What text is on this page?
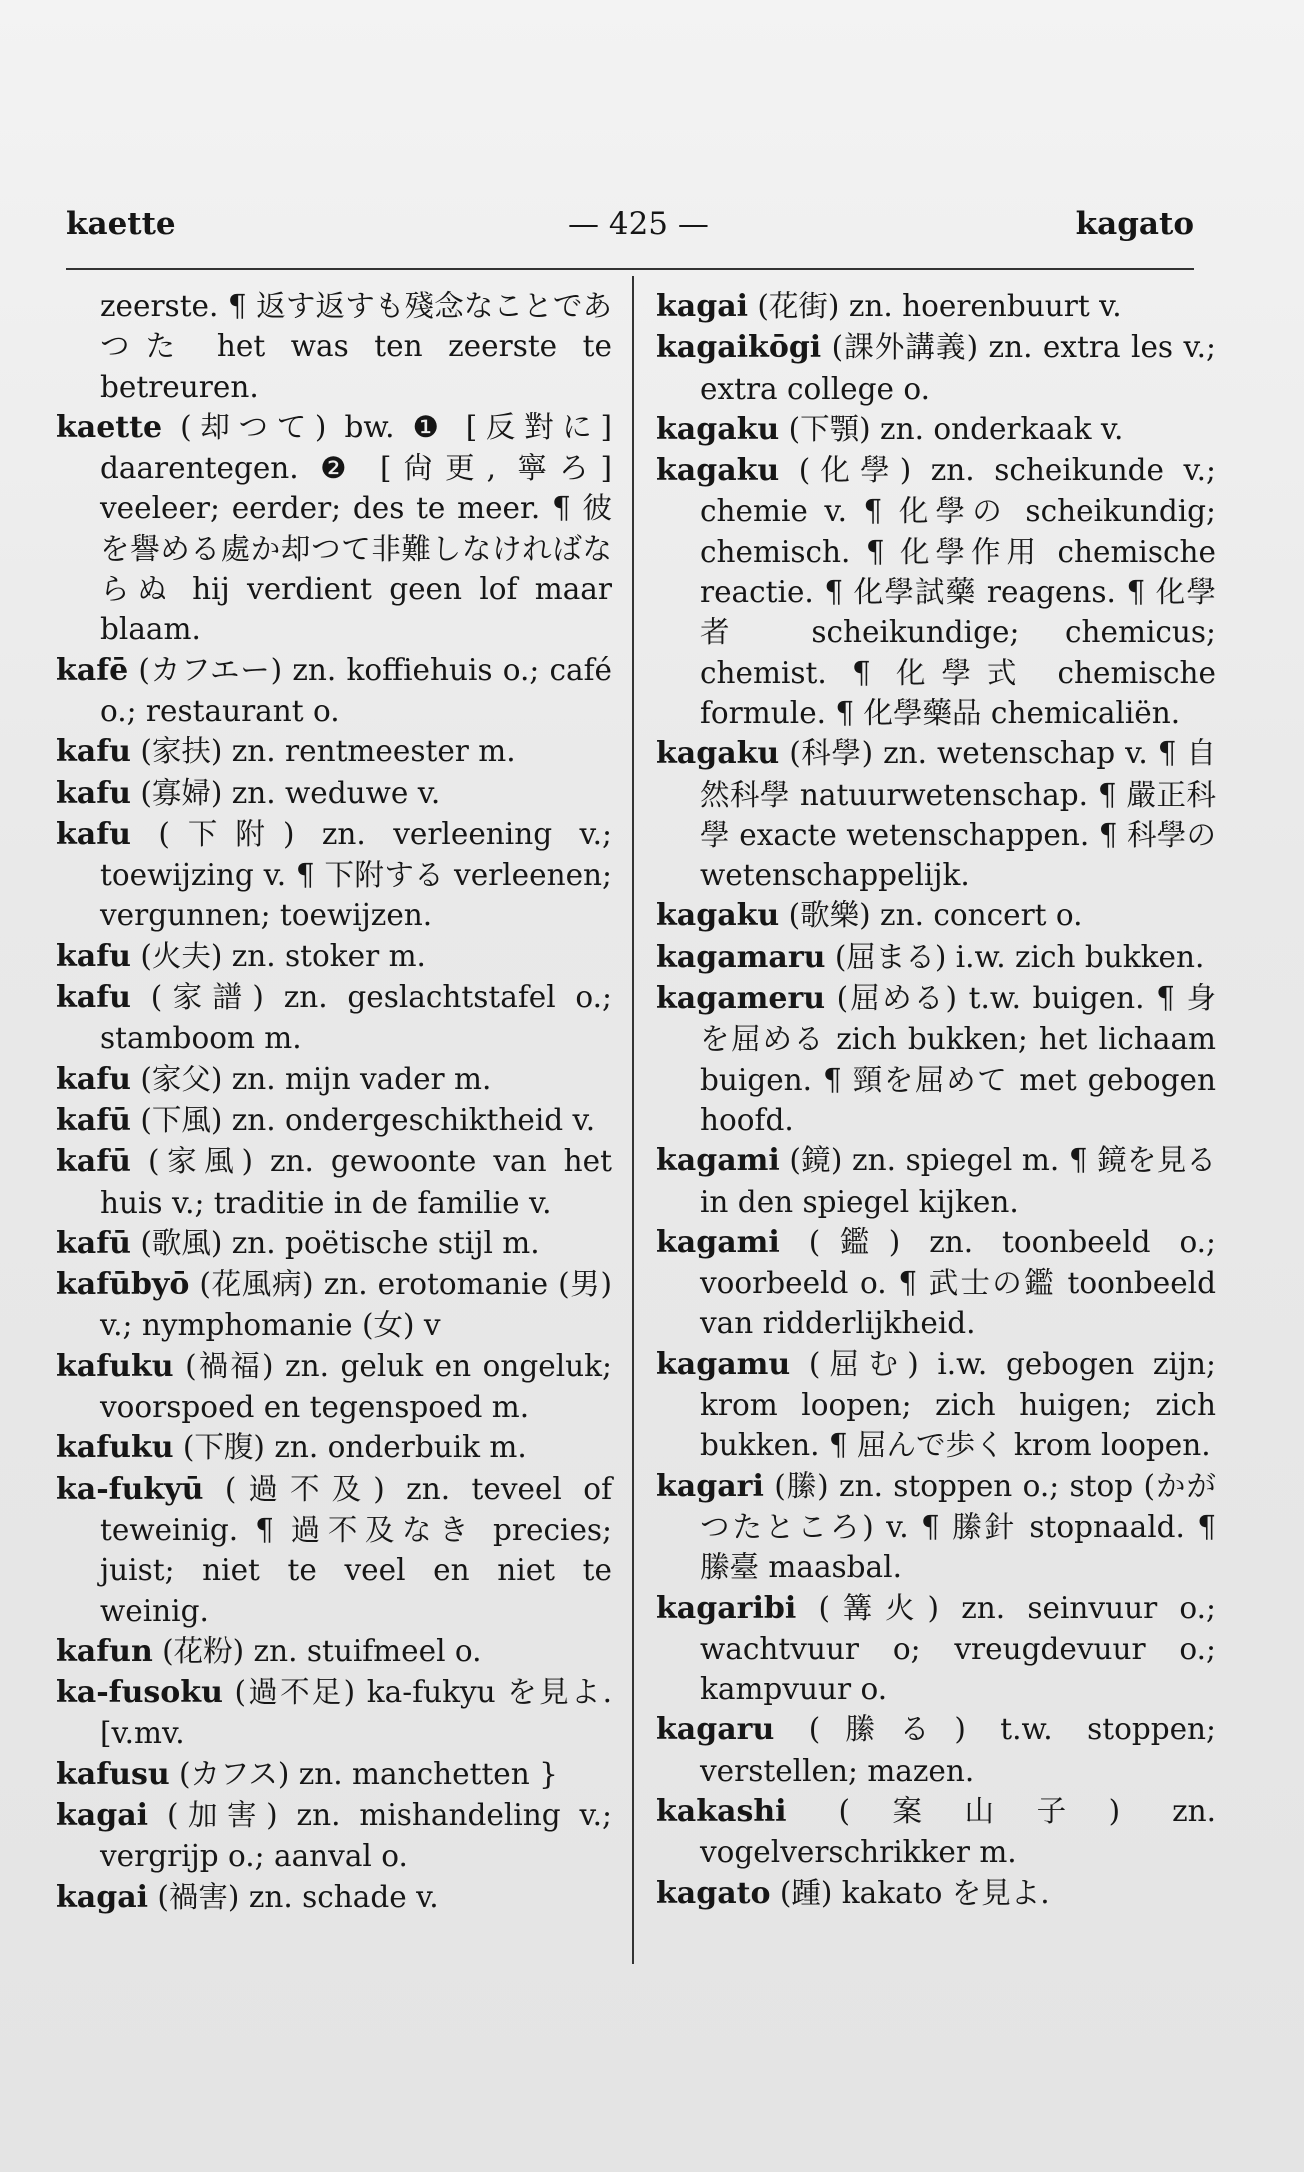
kaette	— 425 —	kagato

zeerste. ¶ 返す返すも殘念なことであつた het was ten zeerste te betreuren.

kaette (却つて) bw. ❶ [反對に] daarentegen. ❷ [尙更, 寧ろ] veeleer; eerder; des te meer. ¶ 彼を譽める處か却つて非難しなければならぬ hij verdient geen lof maar blaam.

kafē (カフエー) zn. koffiehuis o.; café o.; restaurant o.

kafu (家扶) zn. rentmeester m.

kafu (寡婦) zn. weduwe v.

kafu (下附) zn. verleening v.; toewijzing v. ¶ 下附する verleenen; vergunnen; toewijzen.

kafu (火夫) zn. stoker m.

kafu (家譜) zn. geslachtstafel o.; stamboom m.

kafu (家父) zn. mijn vader m.

kafū (下風) zn. ondergeschiktheid v.

kafū (家風) zn. gewoonte van het huis v.; traditie in de familie v.

kafū (歌風) zn. poëtische stijl m.

kafūbyō (花風病) zn. erotomanie (男) v.; nymphomanie (女) v

kafuku (禍福) zn. geluk en ongeluk; voorspoed en tegenspoed m.

kafuku (下腹) zn. onderbuik m.

ka-fukyū (過不及) zn. teveel of teweinig. ¶ 過不及なき precies; juist; niet te veel en niet te weinig.

kafun (花粉) zn. stuifmeel o.

ka-fusoku (過不足) ka-fukyu を見よ. [v.mv.

kafusu (カフス) zn. manchetten }

kagai (加害) zn. mishandeling v.; vergrijp o.; aanval o.

kagai (禍害) zn. schade v.

kagai (花街) zn. hoerenbuurt v.

kagaikōgi (課外講義) zn. extra les v.; extra college o.

kagaku (下顎) zn. onderkaak v.

kagaku (化學) zn. scheikunde v.; chemie v. ¶ 化學の scheikundig; chemisch. ¶ 化學作用 chemische reactie. ¶ 化學試藥 reagens. ¶ 化學者 scheikundige; chemicus; chemist. ¶ 化學式 chemische formule. ¶ 化學藥品 chemicaliën.

kagaku (科學) zn. wetenschap v. ¶ 自然科學 natuurwetenschap. ¶ 嚴正科學 exacte wetenschappen. ¶ 科學の wetenschappelijk.

kagaku (歌樂) zn. concert o.

kagamaru (屈まる) i.w. zich bukken.

kagameru (屈める) t.w. buigen. ¶ 身を屈める zich bukken; het lichaam buigen. ¶ 頸を屈めて met gebogen hoofd.

kagami (鏡) zn. spiegel m. ¶ 鏡を見る in den spiegel kijken.

kagami (鑑) zn. toonbeeld o.; voorbeeld o. ¶ 武士の鑑 toonbeeld van ridderlijkheid.

kagamu (屈む) i.w. gebogen zijn; krom loopen; zich huigen; zich bukken. ¶ 屈んで歩く krom loopen.

kagari (縢) zn. stoppen o.; stop (かがつたところ) v. ¶ 縢針 stopnaald. ¶ 縢臺 maasbal.

kagaribi (篝火) zn. seinvuur o.; wachtvuur o; vreugdevuur o.; kampvuur o.

kagaru (縢る) t.w. stoppen; verstellen; mazen.

kakashi (案山子) zn. vogelverschrikker m.

kagato (踵) kakato を見よ.
